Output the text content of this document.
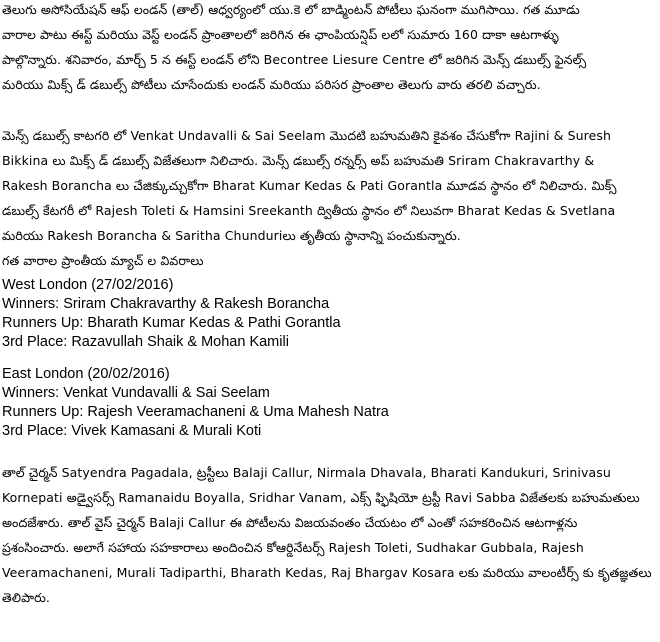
తెలుగు అసోసియేషన్ ఆఫ్ లండన్ (తాల్) ఆధ్వర్యంలో యు.కె లో బాడ్మింటన్ పోటీలు ఘనంగా ముగిసాయి. గత మూడు
వారాల పాటు ఈస్ట్ మరియు వెస్ట్ లండన్ ప్రాంతాలలో జరిగిన ఈ ఛాంపియన్షిప్ లలో సుమారు 160 దాకా ఆటగాళ్ళు
పాల్గొన్నారు. శనివారం, మార్చ్ 5 న ఈస్ట్ లండన్ లోని Becontree Liesure Centre లో జరిగిన మెన్స్ డబుల్స్ ఫైనల్స్
మరియు మిక్స్ డ్ డబుల్స్ పోటీలు చూసేందుకు లండన్ మరియు పరిసర ప్రాంతాల తెలుగు వారు తరలి వచ్చారు.
మెన్స్ డబుల్స్ కాటగరి లో Venkat Undavalli & Sai Seelam మొదటి బహుమతిని కైవశం చేసుకోగా Rajini & Suresh
Bikkina లు మిక్స్ డ్ డబుల్స్ విజేతలుగా నిలిచారు. మెన్స్ డబుల్స్ రన్నర్స్ అప్ బహుమతి Sriram Chakravarthy &
Rakesh Borancha లు చేజిక్కుచ్చుకోగా Bharat Kumar Kedas & Pati Gorantla మూడవ స్థానం లో నిలిచారు. మిక్స్
డబుల్స్ కేటగరీ లో Rajesh Toleti & Hamsini Sreekanth ద్వితీయ స్థానం లో నిలువగా Bharat Kedas & Svetlana
మరియు Rakesh Borancha & Saritha Chunduriలు తృతీయ స్థానాన్ని పంచుకున్నారు.
గత వారాల ప్రాంతీయ మ్యాచ్ ల వివరాలు
West London (27/02/2016)
Winners: Sriram Chakravarthy & Rakesh Borancha
Runners Up: Bharath Kumar Kedas & Pathi Gorantla
3rd Place: Razavullah Shaik & Mohan Kamili
East London (20/02/2016)
Winners: Venkat Vundavalli & Sai Seelam
Runners Up: Rajesh Veeramachaneni & Uma Mahesh Natra
3rd Place: Vivek Kamasani & Murali Koti
తాల్ చైర్మన్ Satyendra Pagadala, ట్రస్టీలు Balaji Callur, Nirmala Dhavala, Bharati Kandukuri, Srinivasu
Kornepati అడ్వైసర్స్ Ramanaidu Boyalla, Sridhar Vanam, ఎక్స్ ఫ్ఫిషియో ట్రస్టీ Ravi Sabba విజేతలకు బహుమతులు
అందజేశారు. తాల్ వైస్ చైర్మన్ Balaji Callur ఈ పోటీలను విజయవంతం చేయటం లో ఎంతో సహకరించిన ఆటగాళ్లను
ప్రశంసించారు. అలాగే సహాయ సహకారాలు అందించిన కోఆర్డినేటర్స్ Rajesh Toleti, Sudhakar Gubbala, Rajesh
Veeramachaneni, Murali Tadiparthi, Bharath Kedas, Raj Bhargav Kosara లకు మరియు వాలంటీర్స్ కు కృతజ్ఞతలు
తెలిపారు.
